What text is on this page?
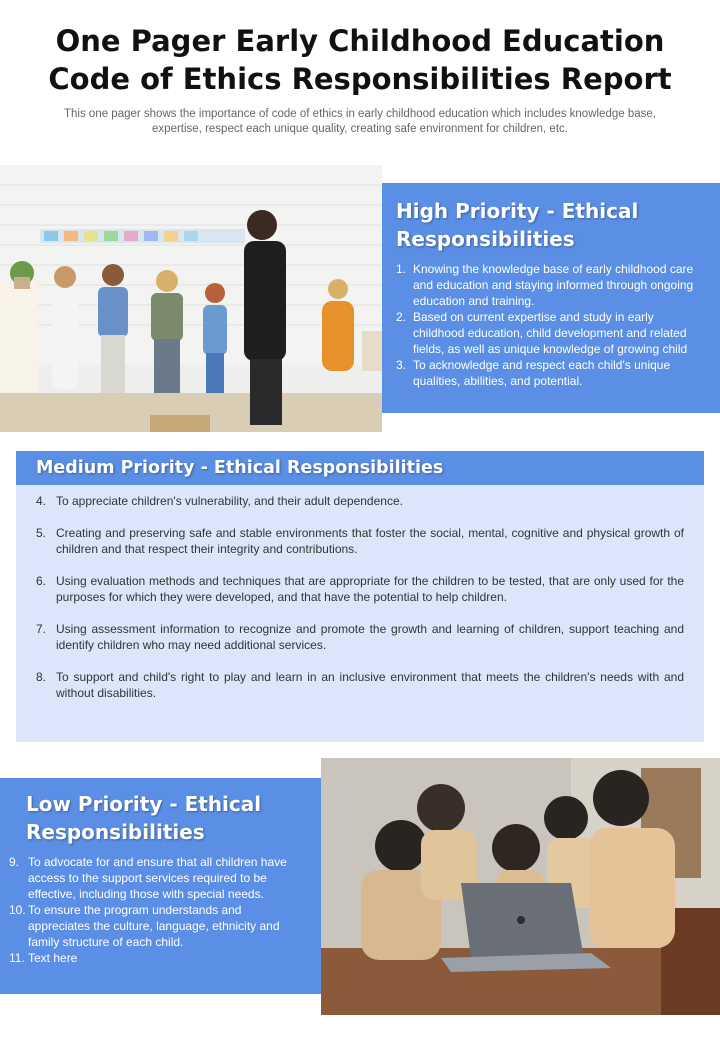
One Pager Early Childhood Education
Code of Ethics Responsibilities Report
This one pager shows the importance of code of ethics in early childhood education which includes knowledge base,
expertise, respect each unique quality, creating safe environment for children, etc.
High Priority - Ethical Responsibilities
1. Knowing the knowledge base of early childhood care and education and staying informed through ongoing education and training.
2. Based on current expertise and study in early childhood education, child development and related fields, as well as unique knowledge of growing child
3. To acknowledge and respect each child's unique qualities, abilities, and potential.
Medium Priority - Ethical Responsibilities
4. To appreciate children's vulnerability, and their adult dependence.
5. Creating and preserving safe and stable environments that foster the social, mental, cognitive and physical growth of children and that respect their integrity and contributions.
6. Using evaluation methods and techniques that are appropriate for the children to be tested, that are only used for the purposes for which they were developed, and that have the potential to help children.
7. Using assessment information to recognize and promote the growth and learning of children, support teaching and identify children who may need additional services.
8. To support and child's right to play and learn in an inclusive environment that meets the children's needs with and without disabilities.
Low Priority - Ethical Responsibilities
9. To advocate for and ensure that all children have access to the support services required to be effective, including those with special needs.
10. To ensure the program understands and appreciates the culture, language, ethnicity and family structure of each child.
11. Text here
